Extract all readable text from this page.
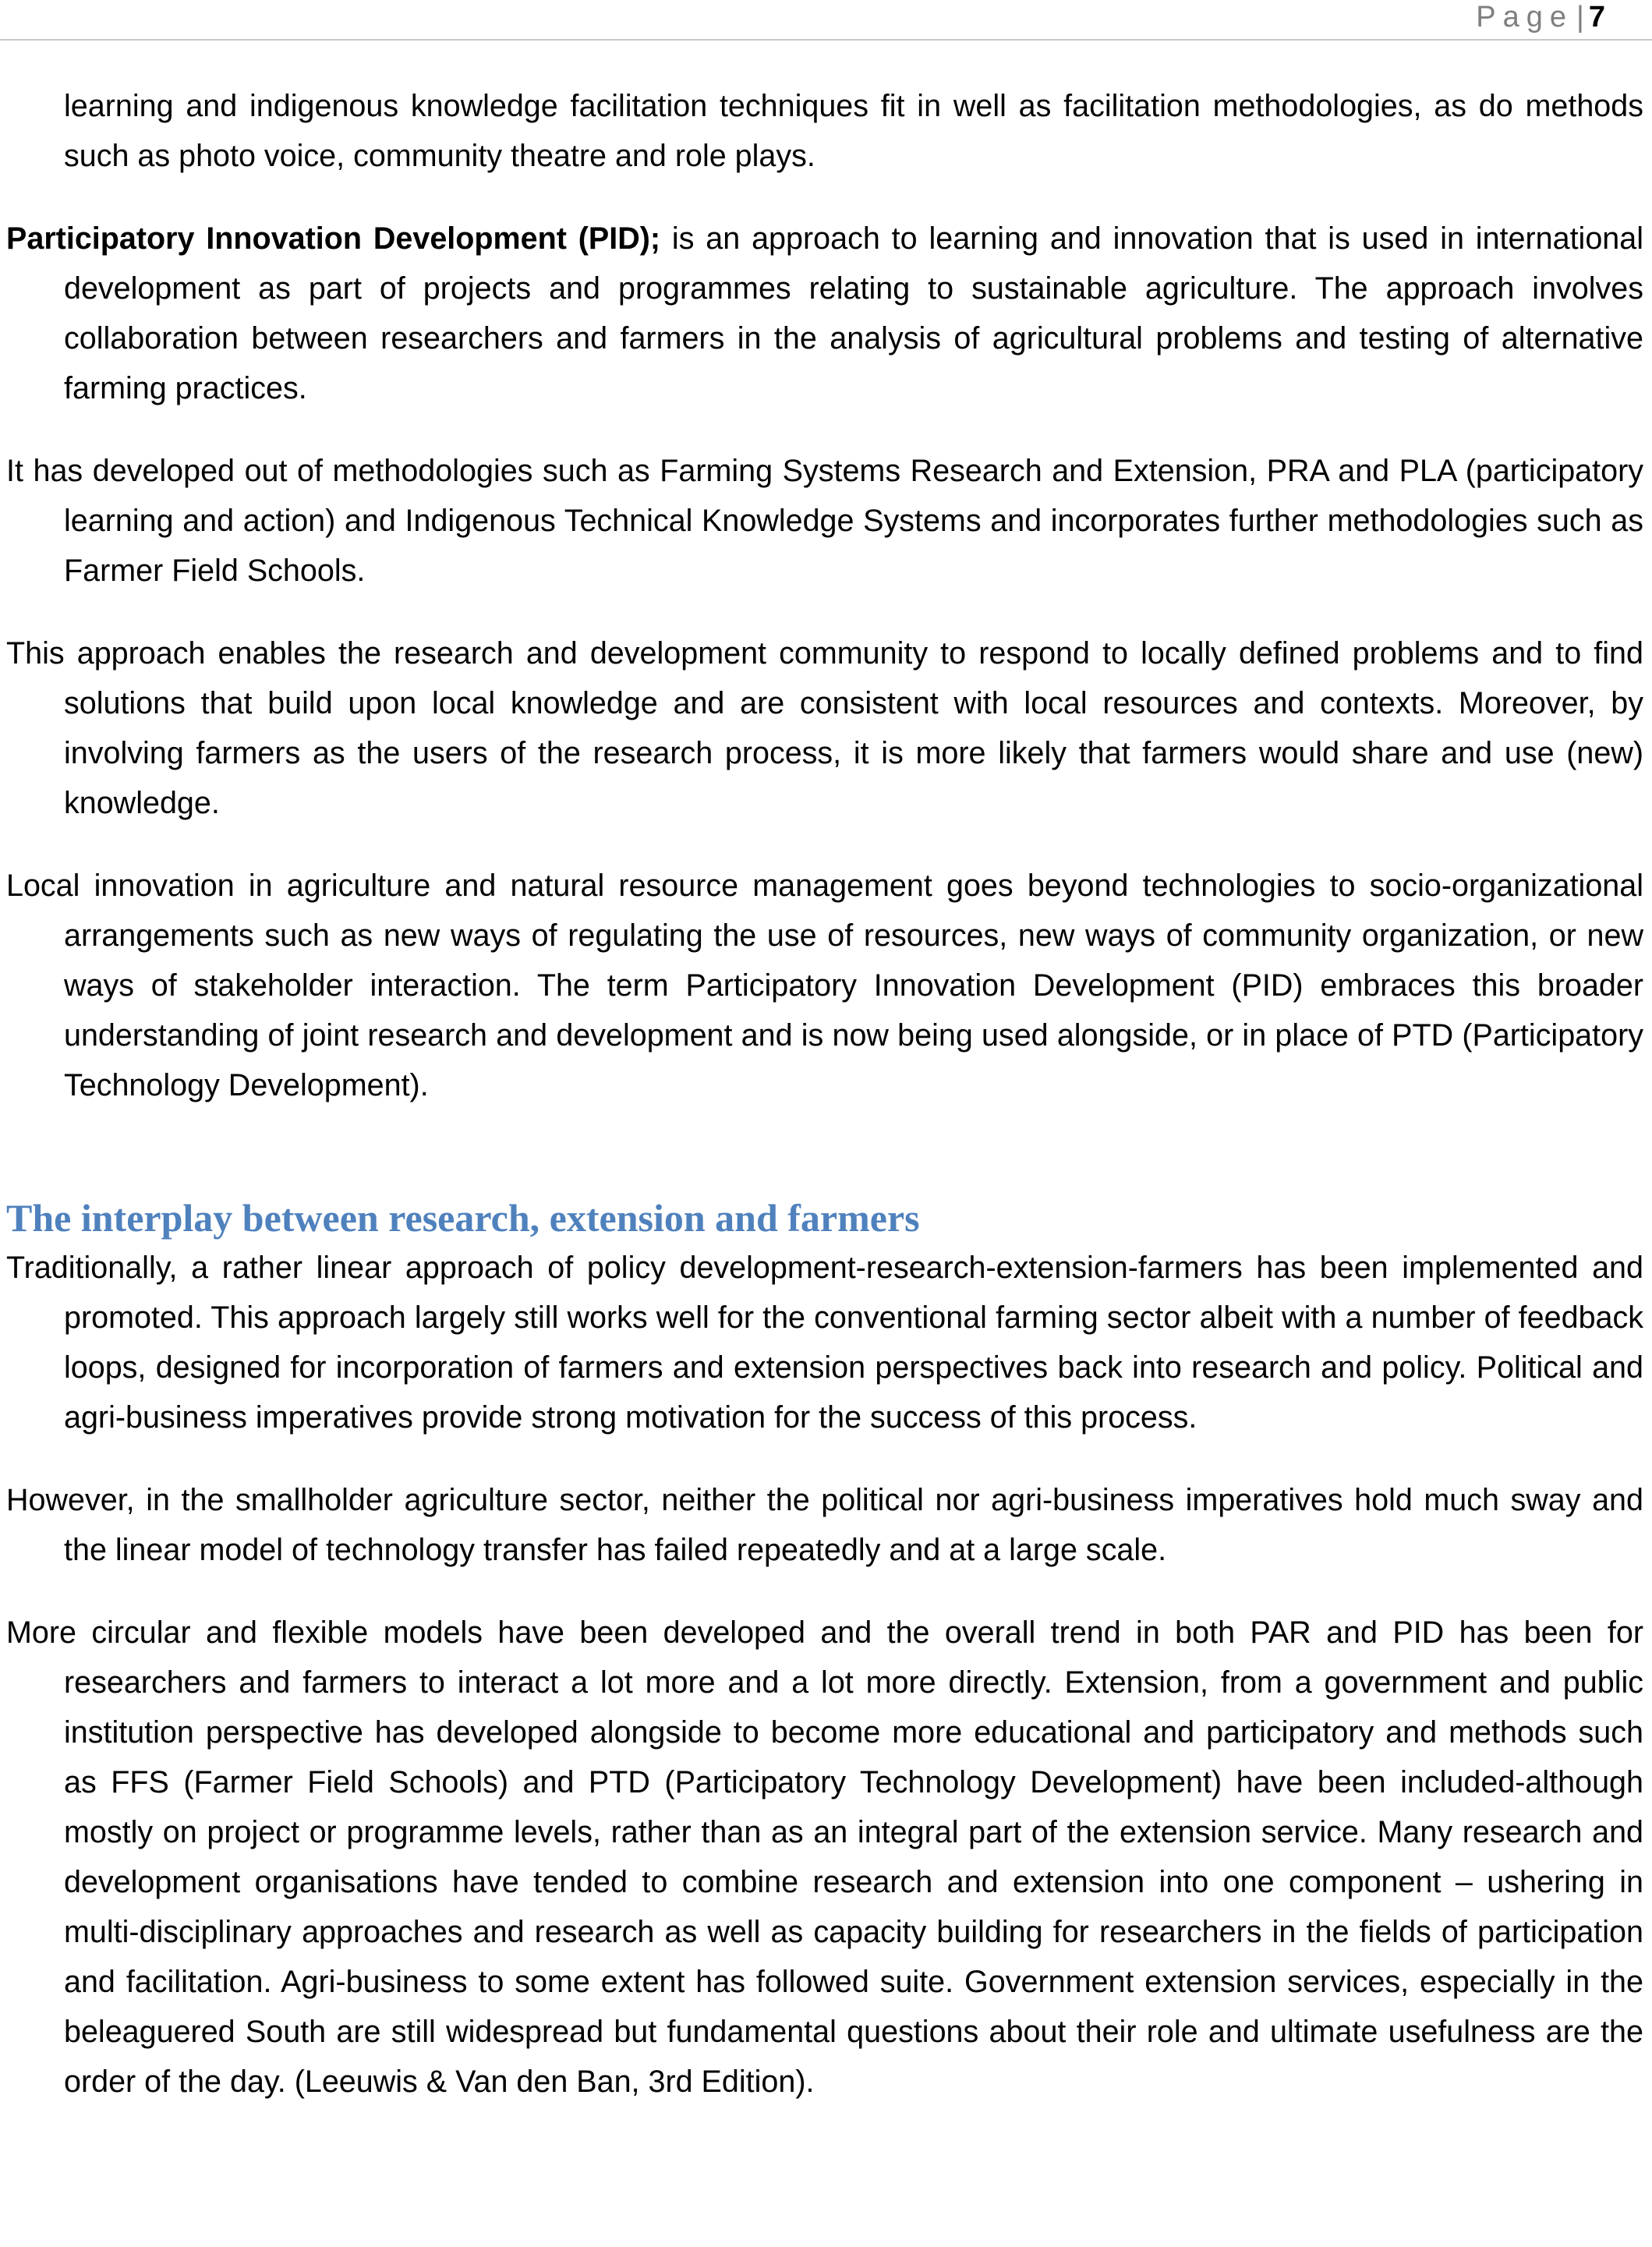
Page | 7

learning and indigenous knowledge facilitation techniques fit in well as facilitation methodologies, as do methods such as photo voice, community theatre and role plays.

Participatory Innovation Development (PID); is an approach to learning and innovation that is used in international development as part of projects and programmes relating to sustainable agriculture. The approach involves collaboration between researchers and farmers in the analysis of agricultural problems and testing of alternative farming practices.

It has developed out of methodologies such as Farming Systems Research and Extension, PRA and PLA (participatory learning and action) and Indigenous Technical Knowledge Systems and incorporates further methodologies such as Farmer Field Schools.

This approach enables the research and development community to respond to locally defined problems and to find solutions that build upon local knowledge and are consistent with local resources and contexts. Moreover, by involving farmers as the users of the research process, it is more likely that farmers would share and use (new) knowledge.

Local innovation in agriculture and natural resource management goes beyond technologies to socio-organizational arrangements such as new ways of regulating the use of resources, new ways of community organization, or new ways of stakeholder interaction. The term Participatory Innovation Development (PID) embraces this broader understanding of joint research and development and is now being used alongside, or in place of PTD (Participatory Technology Development).

The interplay between research, extension and farmers

Traditionally, a rather linear approach of policy development-research-extension-farmers has been implemented and promoted. This approach largely still works well for the conventional farming sector albeit with a number of feedback loops, designed for incorporation of farmers and extension perspectives back into research and policy. Political and agri-business imperatives provide strong motivation for the success of this process.

However, in the smallholder agriculture sector, neither the political nor agri-business imperatives hold much sway and the linear model of technology transfer has failed repeatedly and at a large scale.

More circular and flexible models have been developed and the overall trend in both PAR and PID has been for researchers and farmers to interact a lot more and a lot more directly. Extension, from a government and public institution perspective has developed alongside to become more educational and participatory and methods such as FFS (Farmer Field Schools) and PTD (Participatory Technology Development) have been included-although mostly on project or programme levels, rather than as an integral part of the extension service. Many research and development organisations have tended to combine research and extension into one component – ushering in multi-disciplinary approaches and research as well as capacity building for researchers in the fields of participation and facilitation. Agri-business to some extent has followed suite. Government extension services, especially in the beleaguered South are still widespread but fundamental questions about their role and ultimate usefulness are the order of the day. (Leeuwis & Van den Ban, 3rd Edition).
